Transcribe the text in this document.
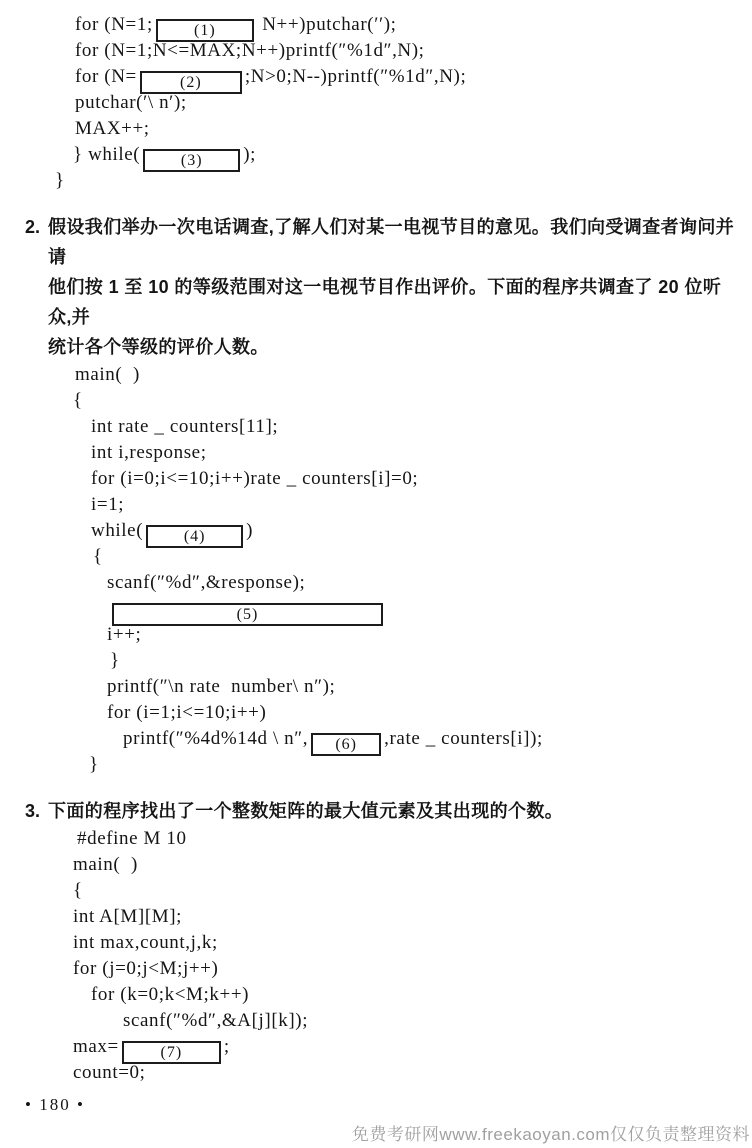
for (N=1;	(1) N++)putchar(′′);
for (N=1;N<=MAX;N++)printf(″%1d″,N);
for (N=	(2) ;N>0;N--)printf(″%1d″,N);
putchar(′\ n′);
MAX++;
} while(	(3) );
}
2. 假设我们举办一次电话调查,了解人们对某一电视节目的意见。我们向受调查者询问并请
他们按 1 至 10 的等级范围对这一电视节目作出评价。下面的程序共调查了 20 位听众,并
统计各个等级的评价人数。
main(  )
{
int rate _ counters[11];
int i,response;
for (i=0;i<=10;i++)rate _ counters[i]=0;
i=1;
while(	(4) )
{
scanf(″%d″,&response);
(5)
i++;
}
printf(″\n rate  number\ n″);
for (i=1;i<=10;i++)
printf(″%4d%14d \ n″, (6) ,rate _ counters[i]);
}
3. 下面的程序找出了一个整数矩阵的最大值元素及其出现的个数。
#define M 10
main(  )
{
int A[M][M];
int max,count,j,k;
for (j=0;j<M;j++)
for (k=0;k<M;k++)
scanf(″%d″,&A[j][k]);
max=	(7) ;
count=0;
• 180 •
免费考研网www.freekaoyan.com仅仅负责整理资料
